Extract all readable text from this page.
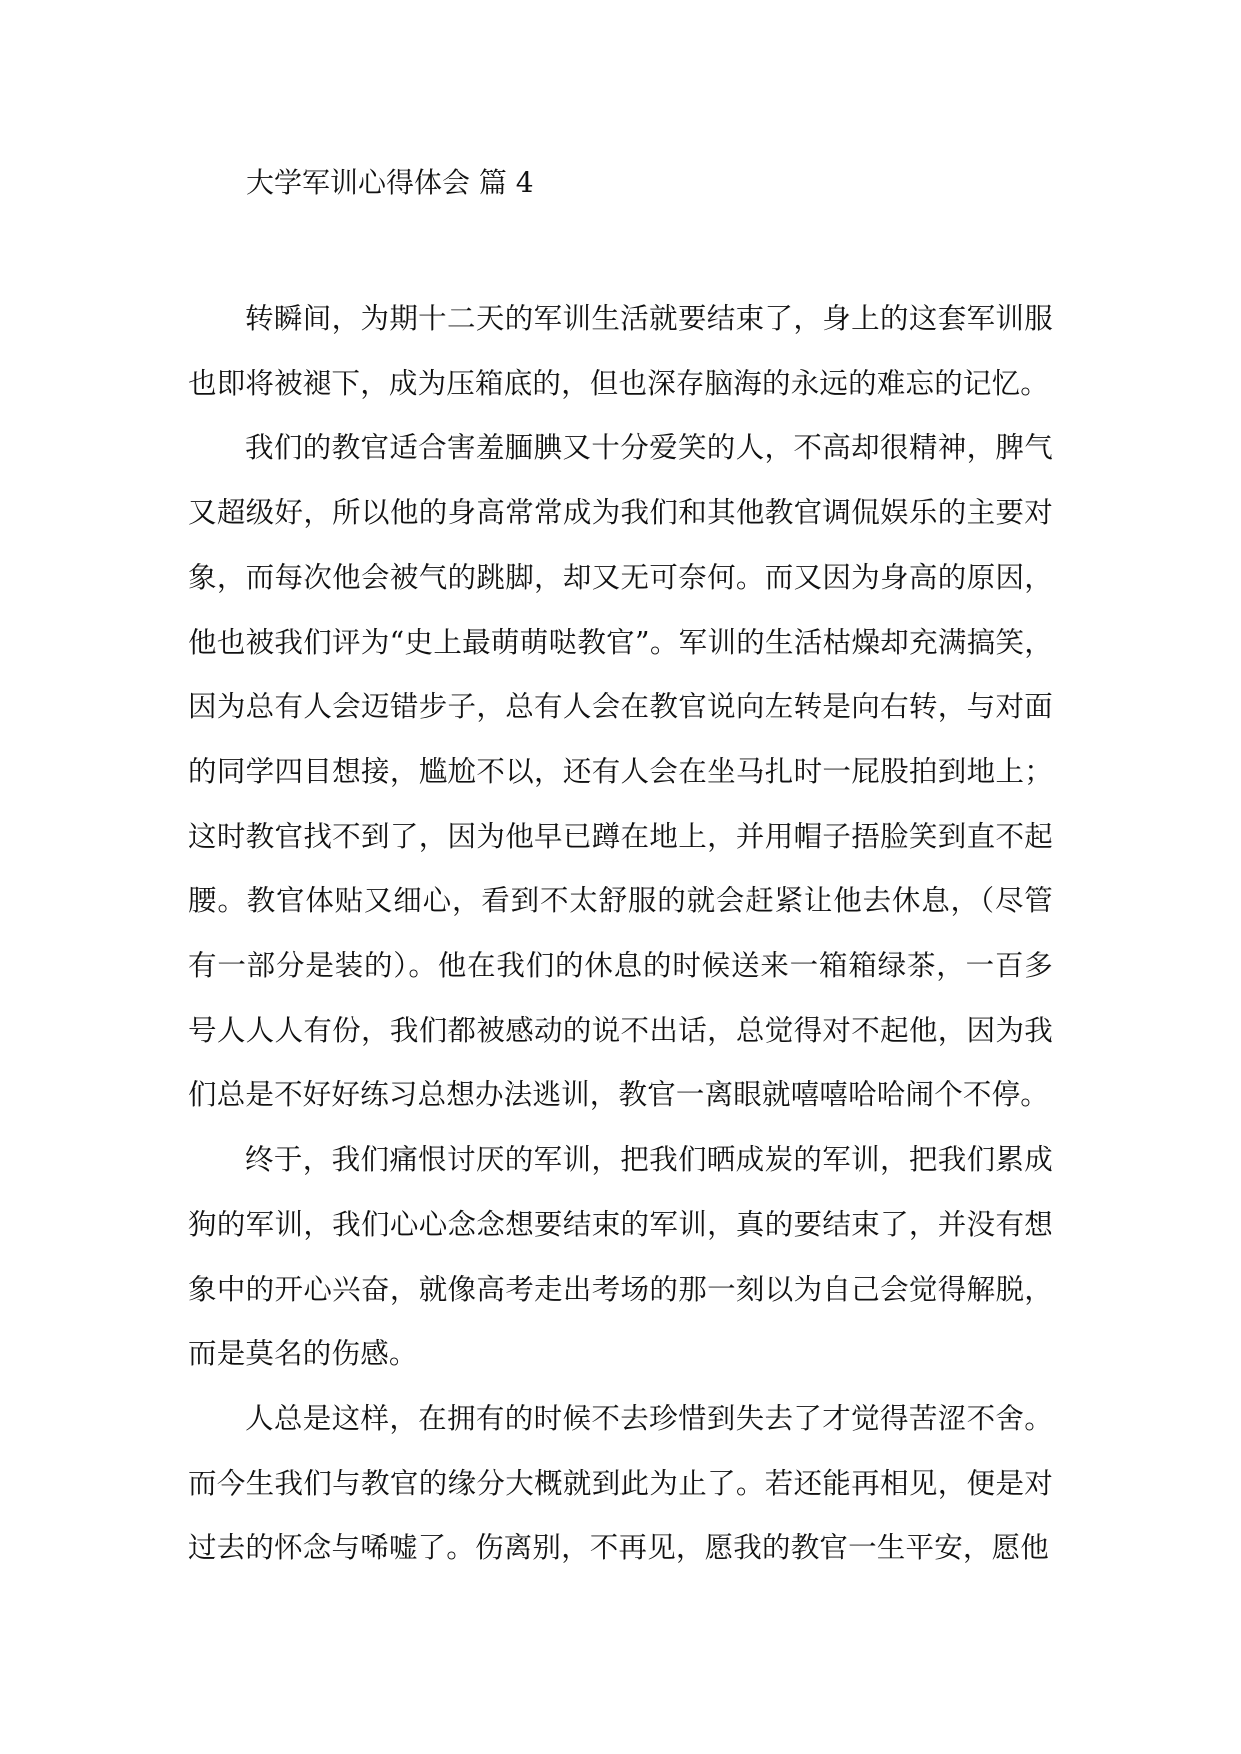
大学军训心得体会 篇 4

转瞬间，为期十二天的军训生活就要结束了，身上的这套军训服也即将被褪下，成为压箱底的，但也深存脑海的永远的难忘的记忆。

我们的教官适合害羞腼腆又十分爱笑的人，不高却很精神，脾气又超级好，所以他的身高常常成为我们和其他教官调侃娱乐的主要对象，而每次他会被气的跳脚，却又无可奈何。而又因为身高的原因，他也被我们评为“史上最萌萌哒教官”。军训的生活枯燥却充满搞笑，因为总有人会迈错步子，总有人会在教官说向左转是向右转，与对面的同学四目想接，尴尬不以，还有人会在坐马扎时一屁股拍到地上；这时教官找不到了，因为他早已蹲在地上，并用帽子捂脸笑到直不起腰。教官体贴又细心，看到不太舒服的就会赶紧让他去休息，（尽管有一部分是装的）。他在我们的休息的时候送来一箱箱绿茶，一百多号人人人有份，我们都被感动的说不出话，总觉得对不起他，因为我们总是不好好练习总想办法逃训，教官一离眼就嘻嘻哈哈闹个不停。

终于，我们痛恨讨厌的军训，把我们晒成炭的军训，把我们累成狗的军训，我们心心念念想要结束的军训，真的要结束了，并没有想象中的开心兴奋，就像高考走出考场的那一刻以为自己会觉得解脱，而是莫名的伤感。

人总是这样，在拥有的时候不去珍惜到失去了才觉得苦涩不舍。而今生我们与教官的缘分大概就到此为止了。若还能再相见，便是对过去的怀念与唏嘘了。伤离别，不再见，愿我的教官一生平安，愿他
